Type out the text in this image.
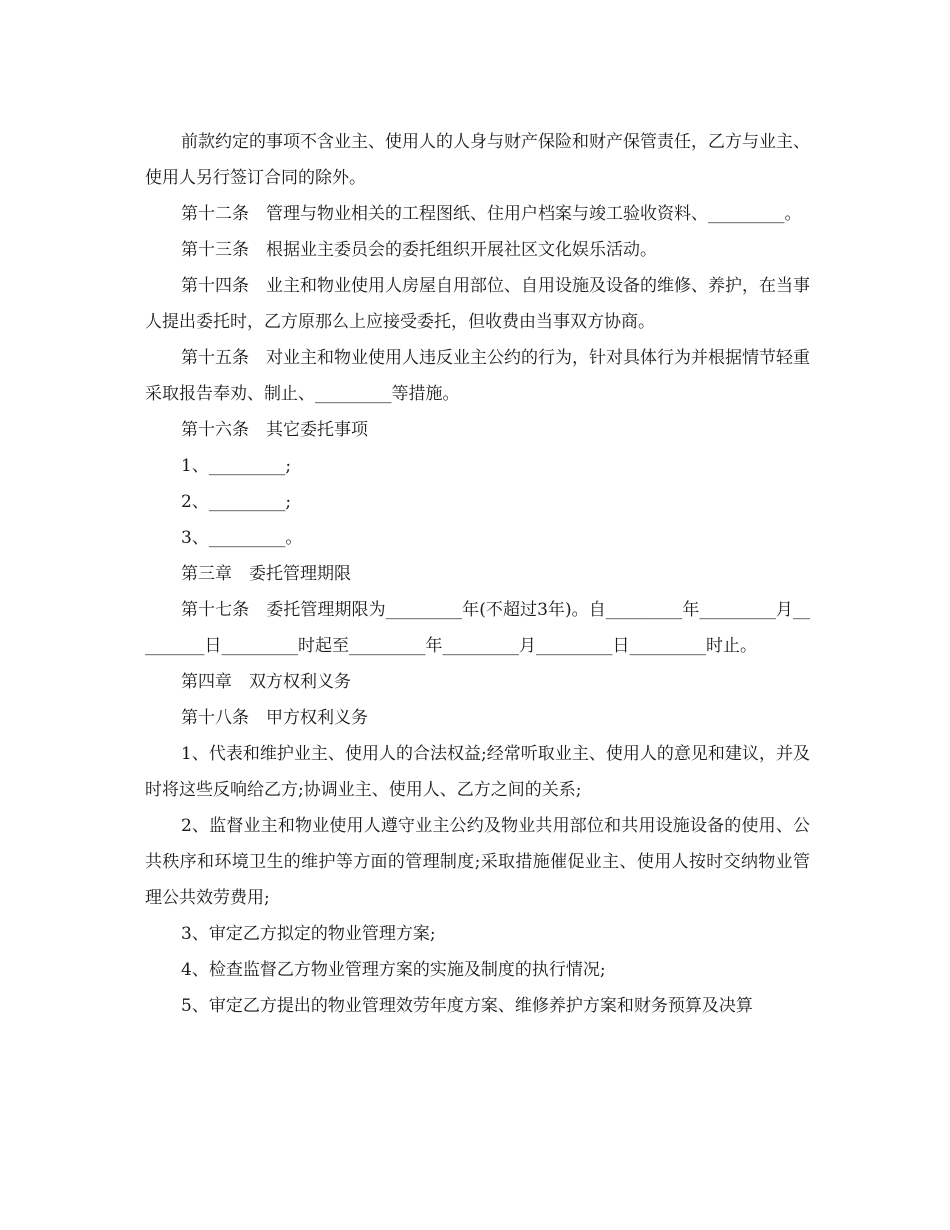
前款约定的事项不含业主、使用人的人身与财产保险和财产保管责任，乙方与业主、使用人另行签订合同的除外。

第十二条　管理与物业相关的工程图纸、住用户档案与竣工验收资料、_________。

第十三条　根据业主委员会的委托组织开展社区文化娱乐活动。

第十四条　业主和物业使用人房屋自用部位、自用设施及设备的维修、养护，在当事人提出委托时，乙方原那么上应接受委托，但收费由当事双方协商。

第十五条　对业主和物业使用人违反业主公约的行为，针对具体行为并根据情节轻重采取报告奉劝、制止、_________等措施。

第十六条　其它委托事项

1、_________;

2、_________;

3、_________。

第三章　委托管理期限

第十七条　委托管理期限为_________年(不超过3年)。自_________年_________月_________日_________时起至_________年_________月_________日_________时止。

第四章　双方权利义务

第十八条　甲方权利义务

1、代表和维护业主、使用人的合法权益;经常听取业主、使用人的意见和建议，并及时将这些反响给乙方;协调业主、使用人、乙方之间的关系;

2、监督业主和物业使用人遵守业主公约及物业共用部位和共用设施设备的使用、公共秩序和环境卫生的维护等方面的管理制度;采取措施催促业主、使用人按时交纳物业管理公共效劳费用;

3、审定乙方拟定的物业管理方案;

4、检查监督乙方物业管理方案的实施及制度的执行情况;

5、审定乙方提出的物业管理效劳年度方案、维修养护方案和财务预算及决算
